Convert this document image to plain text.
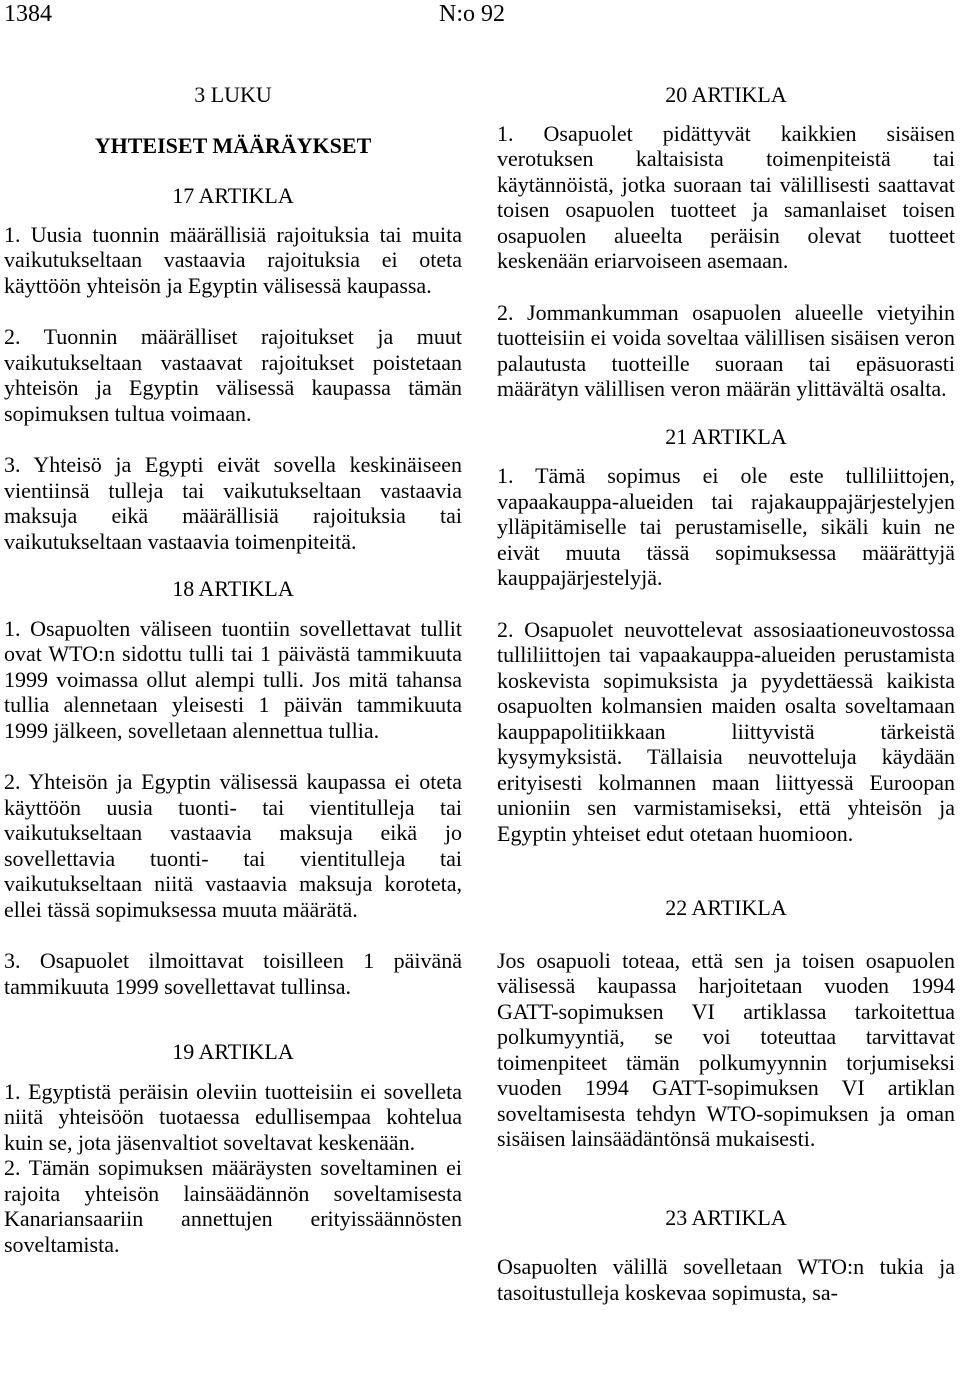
1384	N:o 92
3 LUKU
YHTEISET MÄÄRÄYKSET
17 ARTIKLA

1. Uusia tuonnin määrällisiä rajoituksia tai muita vaikutukseltaan vastaavia rajoituksia ei oteta käyttöön yhteisön ja Egyptin välisessä kaupassa.

2. Tuonnin määrälliset rajoitukset ja muut vaikutukseltaan vastaavat rajoitukset poistetaan yhteisön ja Egyptin välisessä kaupassa tämän sopimuksen tultua voimaan.

3. Yhteisö ja Egypti eivät sovella keskinäiseen vientiinsä tulleja tai vaikutukseltaan vastaavia maksuja eikä määrällisiä rajoituksia tai vaikutukseltaan vastaavia toimenpiteitä.

18 ARTIKLA

1. Osapuolten väliseen tuontiin sovellettavat tullit ovat WTO:n sidottu tulli tai 1 päivästä tammikuuta 1999 voimassa ollut alempi tulli. Jos mitä tahansa tullia alennetaan yleisesti 1 päivän tammikuuta 1999 jälkeen, sovelletaan alennettua tullia.

2. Yhteisön ja Egyptin välisessä kaupassa ei oteta käyttöön uusia tuonti- tai vientitulleja tai vaikutukseltaan vastaavia maksuja eikä jo sovellettavia tuonti- tai vientitulleja tai vaikutukseltaan niitä vastaavia maksuja koroteta, ellei tässä sopimuksessa muuta määrätä.

3. Osapuolet ilmoittavat toisilleen 1 päivänä tammikuuta 1999 sovellettavat tullinsa.

19 ARTIKLA

1. Egyptistä peräisin oleviin tuotteisiin ei sovelleta niitä yhteisöön tuotaessa edullisempaa kohtelua kuin se, jota jäsenvaltiot soveltavat keskenään.

2. Tämän sopimuksen määräysten soveltaminen ei rajoita yhteisön lainsäädännön soveltamisesta Kanariansaariin annettujen erityissäännösten soveltamista.

20 ARTIKLA

1. Osapuolet pidättyvät kaikkien sisäisen verotuksen kaltaisista toimenpiteistä tai käytännöistä, jotka suoraan tai välillisesti saattavat toisen osapuolen tuotteet ja samanlaiset toisen osapuolen alueelta peräisin olevat tuotteet keskenään eriarvoiseen asemaan.

2. Jommankumman osapuolen alueelle vietyihin tuotteisiin ei voida soveltaa välillisen sisäisen veron palautusta tuotteille suoraan tai epäsuorasti määrätyn välillisen veron määrän ylittävältä osalta.

21 ARTIKLA

1. Tämä sopimus ei ole este tulliliittojen, vapaakauppa-alueiden tai rajakauppajärjestelyjen ylläpitämiselle tai perustamiselle, sikäli kuin ne eivät muuta tässä sopimuksessa määrättyjä kauppajärjestelyjä.

2. Osapuolet neuvottelevat assosiaationeuvostossa tulliliittojen tai vapaakauppa-alueiden perustamista koskevista sopimuksista ja pyydettäessä kaikista osapuolten kolmansien maiden osalta soveltamaan kauppapolitiikkaan liittyvistä tärkeistä kysymyksistä. Tällaisia neuvotteluja käydään erityisesti kolmannen maan liittyessä Euroopan unioniin sen varmistamiseksi, että yhteisön ja Egyptin yhteiset edut otetaan huomioon.

22 ARTIKLA

Jos osapuoli toteaa, että sen ja toisen osapuolen välisessä kaupassa harjoitetaan vuoden 1994 GATT-sopimuksen VI artiklassa tarkoitettua polkumyyntiä, se voi toteuttaa tarvittavat toimenpiteet tämän polkumyynnin torjumiseksi vuoden 1994 GATT-sopimuksen VI artiklan soveltamisesta tehdyn WTO-sopimuksen ja oman sisäisen lainsäädäntönsä mukaisesti.

23 ARTIKLA

Osapuolten välillä sovelletaan WTO:n tukia ja tasoitustulleja koskevaa sopimusta, sa-
